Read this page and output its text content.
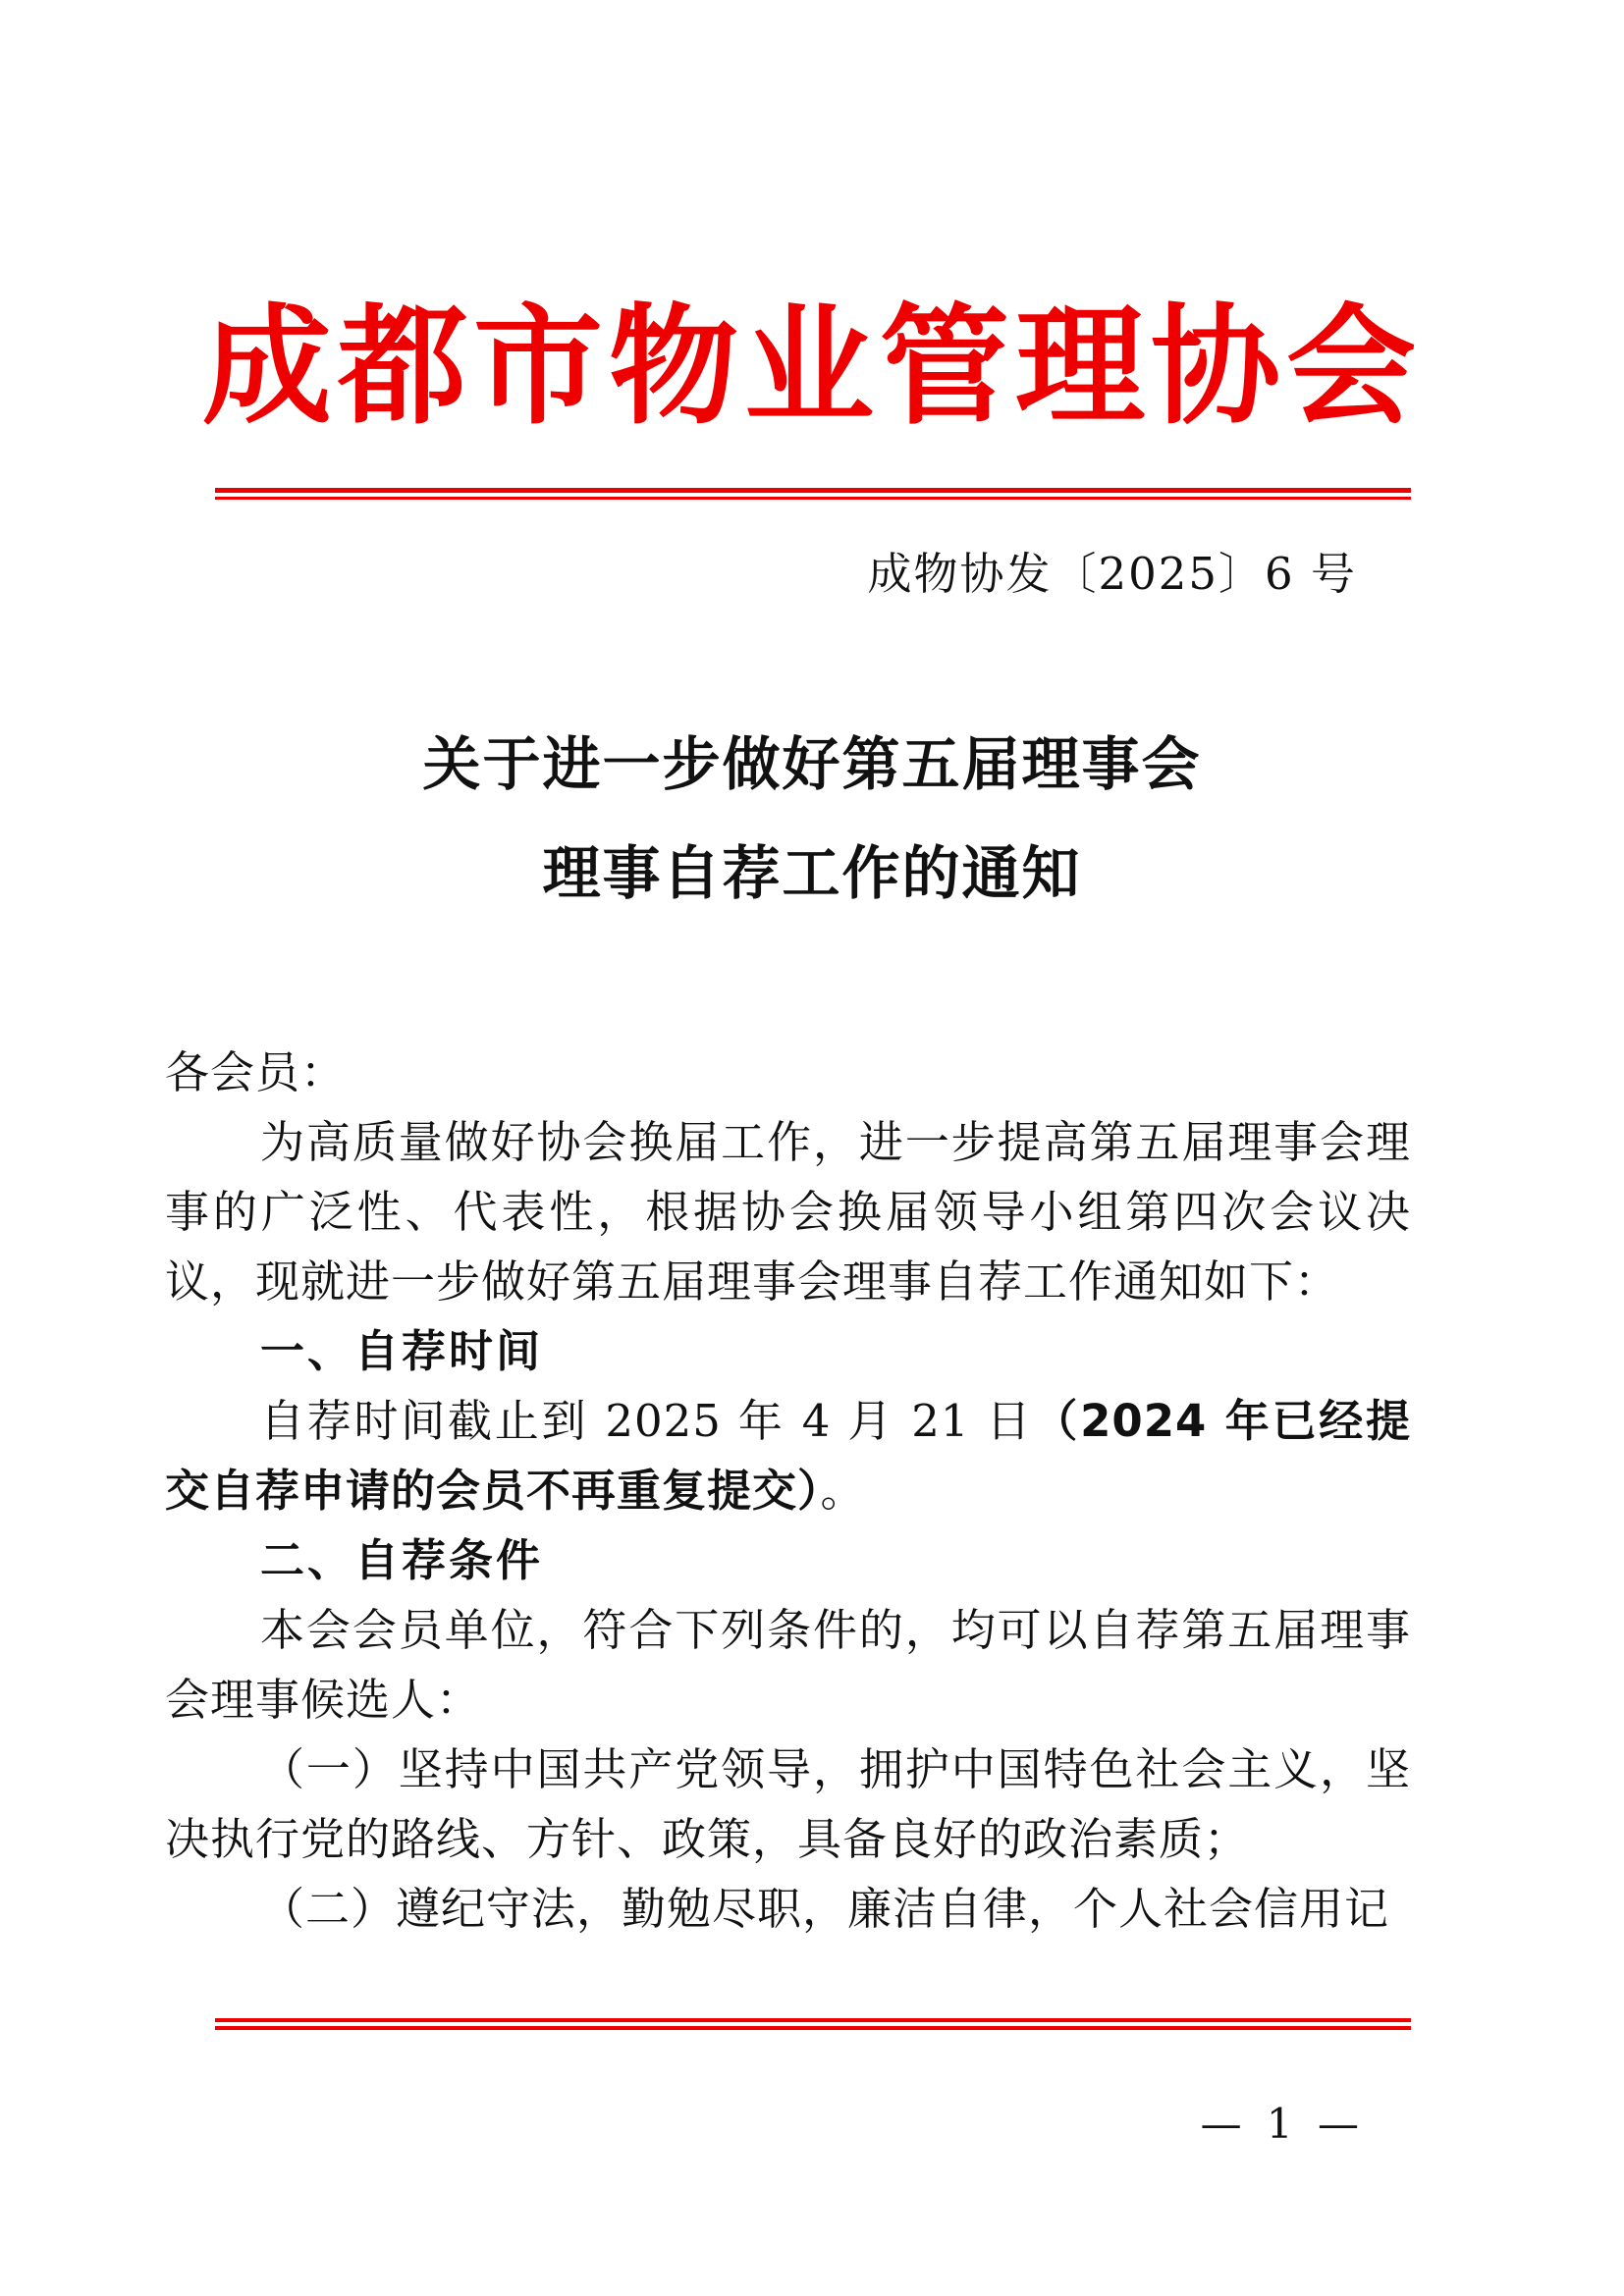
成都市物业管理协会
成物协发〔2025〕6 号
关于进一步做好第五届理事会
理事自荐工作的通知

各会员：

为高质量做好协会换届工作，进一步提高第五届理事会理事的广泛性、代表性，根据协会换届领导小组第四次会议决议，现就进一步做好第五届理事会理事自荐工作通知如下：

一、自荐时间

自荐时间截止到 2025 年 4 月 21 日（2024 年已经提交自荐申请的会员不再重复提交）。

二、自荐条件

本会会员单位，符合下列条件的，均可以自荐第五届理事会理事候选人：

（一）坚持中国共产党领导，拥护中国特色社会主义，坚决执行党的路线、方针、政策，具备良好的政治素质；

（二）遵纪守法，勤勉尽职，廉洁自律，个人社会信用记

— 1 —
